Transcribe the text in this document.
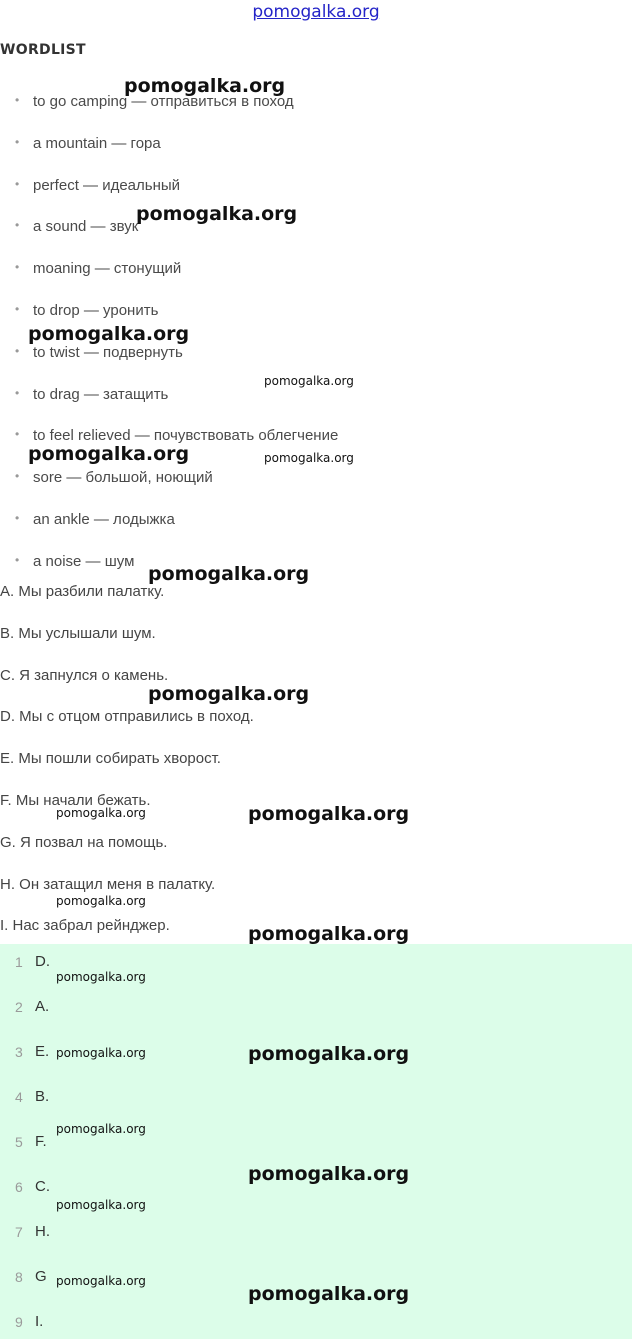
pomogalka.org
WORDLIST
• to go camping — отправиться в поход
• a mountain — гора
• perfect — идеальный
• a sound — звук
• moaning — стонущий
• to drop — уронить
• to twist — подвернуть
• to drag — затащить
• to feel relieved — почувствовать облегчение
• sore — большой, ноющий
• an ankle — лодыжка
• a noise — шум
A. Мы разбили палатку.
B. Мы услышали шум.
C. Я запнулся о камень.
D. Мы с отцом отправились в поход.
E. Мы пошли собирать хворост.
F. Мы начали бежать.
G. Я позвал на помощь.
H. Он затащил меня в палатку.
I. Нас забрал рейнджер.
1 D.
2 A.
3 E.
4 B.
5 F.
6 C.
7 H.
8 G
9 I.
pomogalka.org
pomogalka.org
pomogalka.org
pomogalka.org
pomogalka.org	pomogalka.org
pomogalka.org
pomogalka.org
pomogalka.org	pomogalka.org
pomogalka.org
pomogalka.org
pomogalka.org
pomogalka.org	pomogalka.org
pomogalka.org
pomogalka.org
pomogalka.org
pomogalka.org
pomogalka.org
